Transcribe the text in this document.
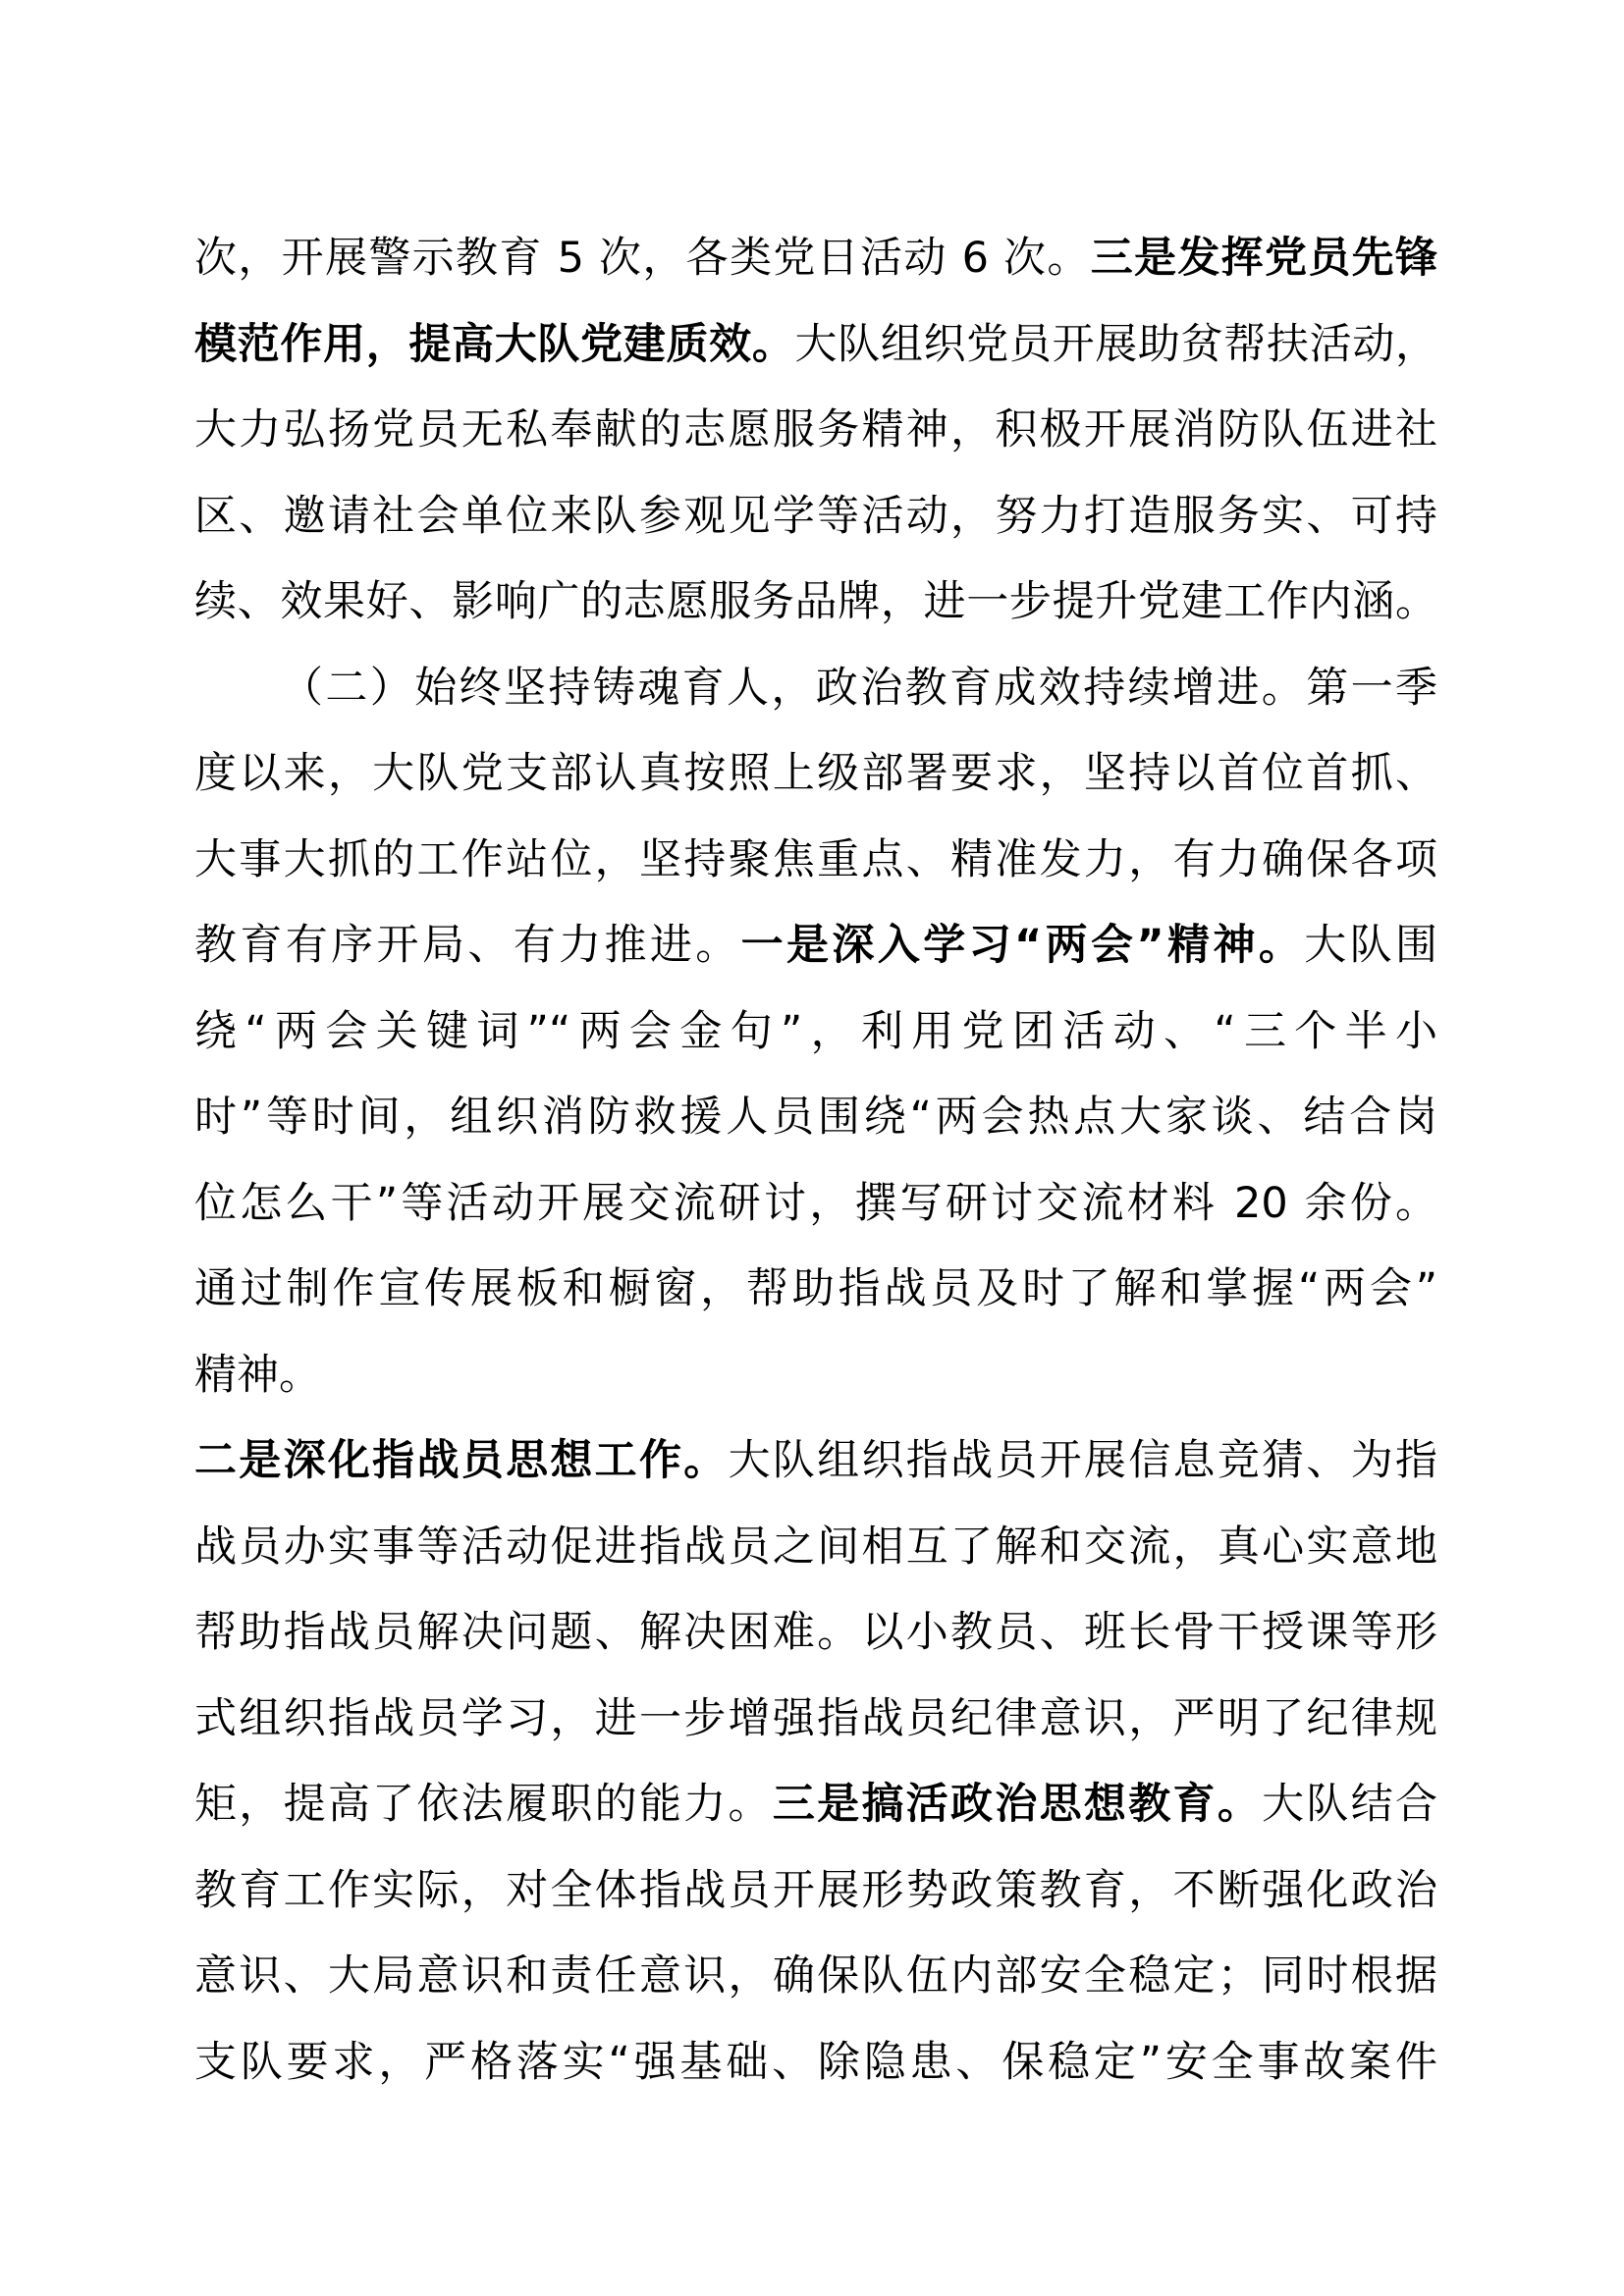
次，开展警示教育 5 次，各类党日活动 6 次。三是发挥党员先锋
模范作用，提高大队党建质效。大队组织党员开展助贫帮扶活动，
大力弘扬党员无私奉献的志愿服务精神，积极开展消防队伍进社
区、邀请社会单位来队参观见学等活动，努力打造服务实、可持
续、效果好、影响广的志愿服务品牌，进一步提升党建工作内涵。
（二）始终坚持铸魂育人，政治教育成效持续增进。第一季
度以来，大队党支部认真按照上级部署要求，坚持以首位首抓、
大事大抓的工作站位，坚持聚焦重点、精准发力，有力确保各项
教育有序开局、有力推进。一是深入学习“两会”精神。大队围
绕“两会关键词”“两会金句”，利用党团活动、“三个半小
时”等时间，组织消防救援人员围绕“两会热点大家谈、结合岗
位怎么干”等活动开展交流研讨，撰写研讨交流材料 20 余份。
通过制作宣传展板和橱窗，帮助指战员及时了解和掌握“两会”
精神。
二是深化指战员思想工作。大队组织指战员开展信息竞猜、为指
战员办实事等活动促进指战员之间相互了解和交流，真心实意地
帮助指战员解决问题、解决困难。以小教员、班长骨干授课等形
式组织指战员学习，进一步增强指战员纪律意识，严明了纪律规
矩，提高了依法履职的能力。三是搞活政治思想教育。大队结合
教育工作实际，对全体指战员开展形势政策教育，不断强化政治
意识、大局意识和责任意识，确保队伍内部安全稳定；同时根据
支队要求，严格落实“强基础、除隐患、保稳定”安全事故案件
